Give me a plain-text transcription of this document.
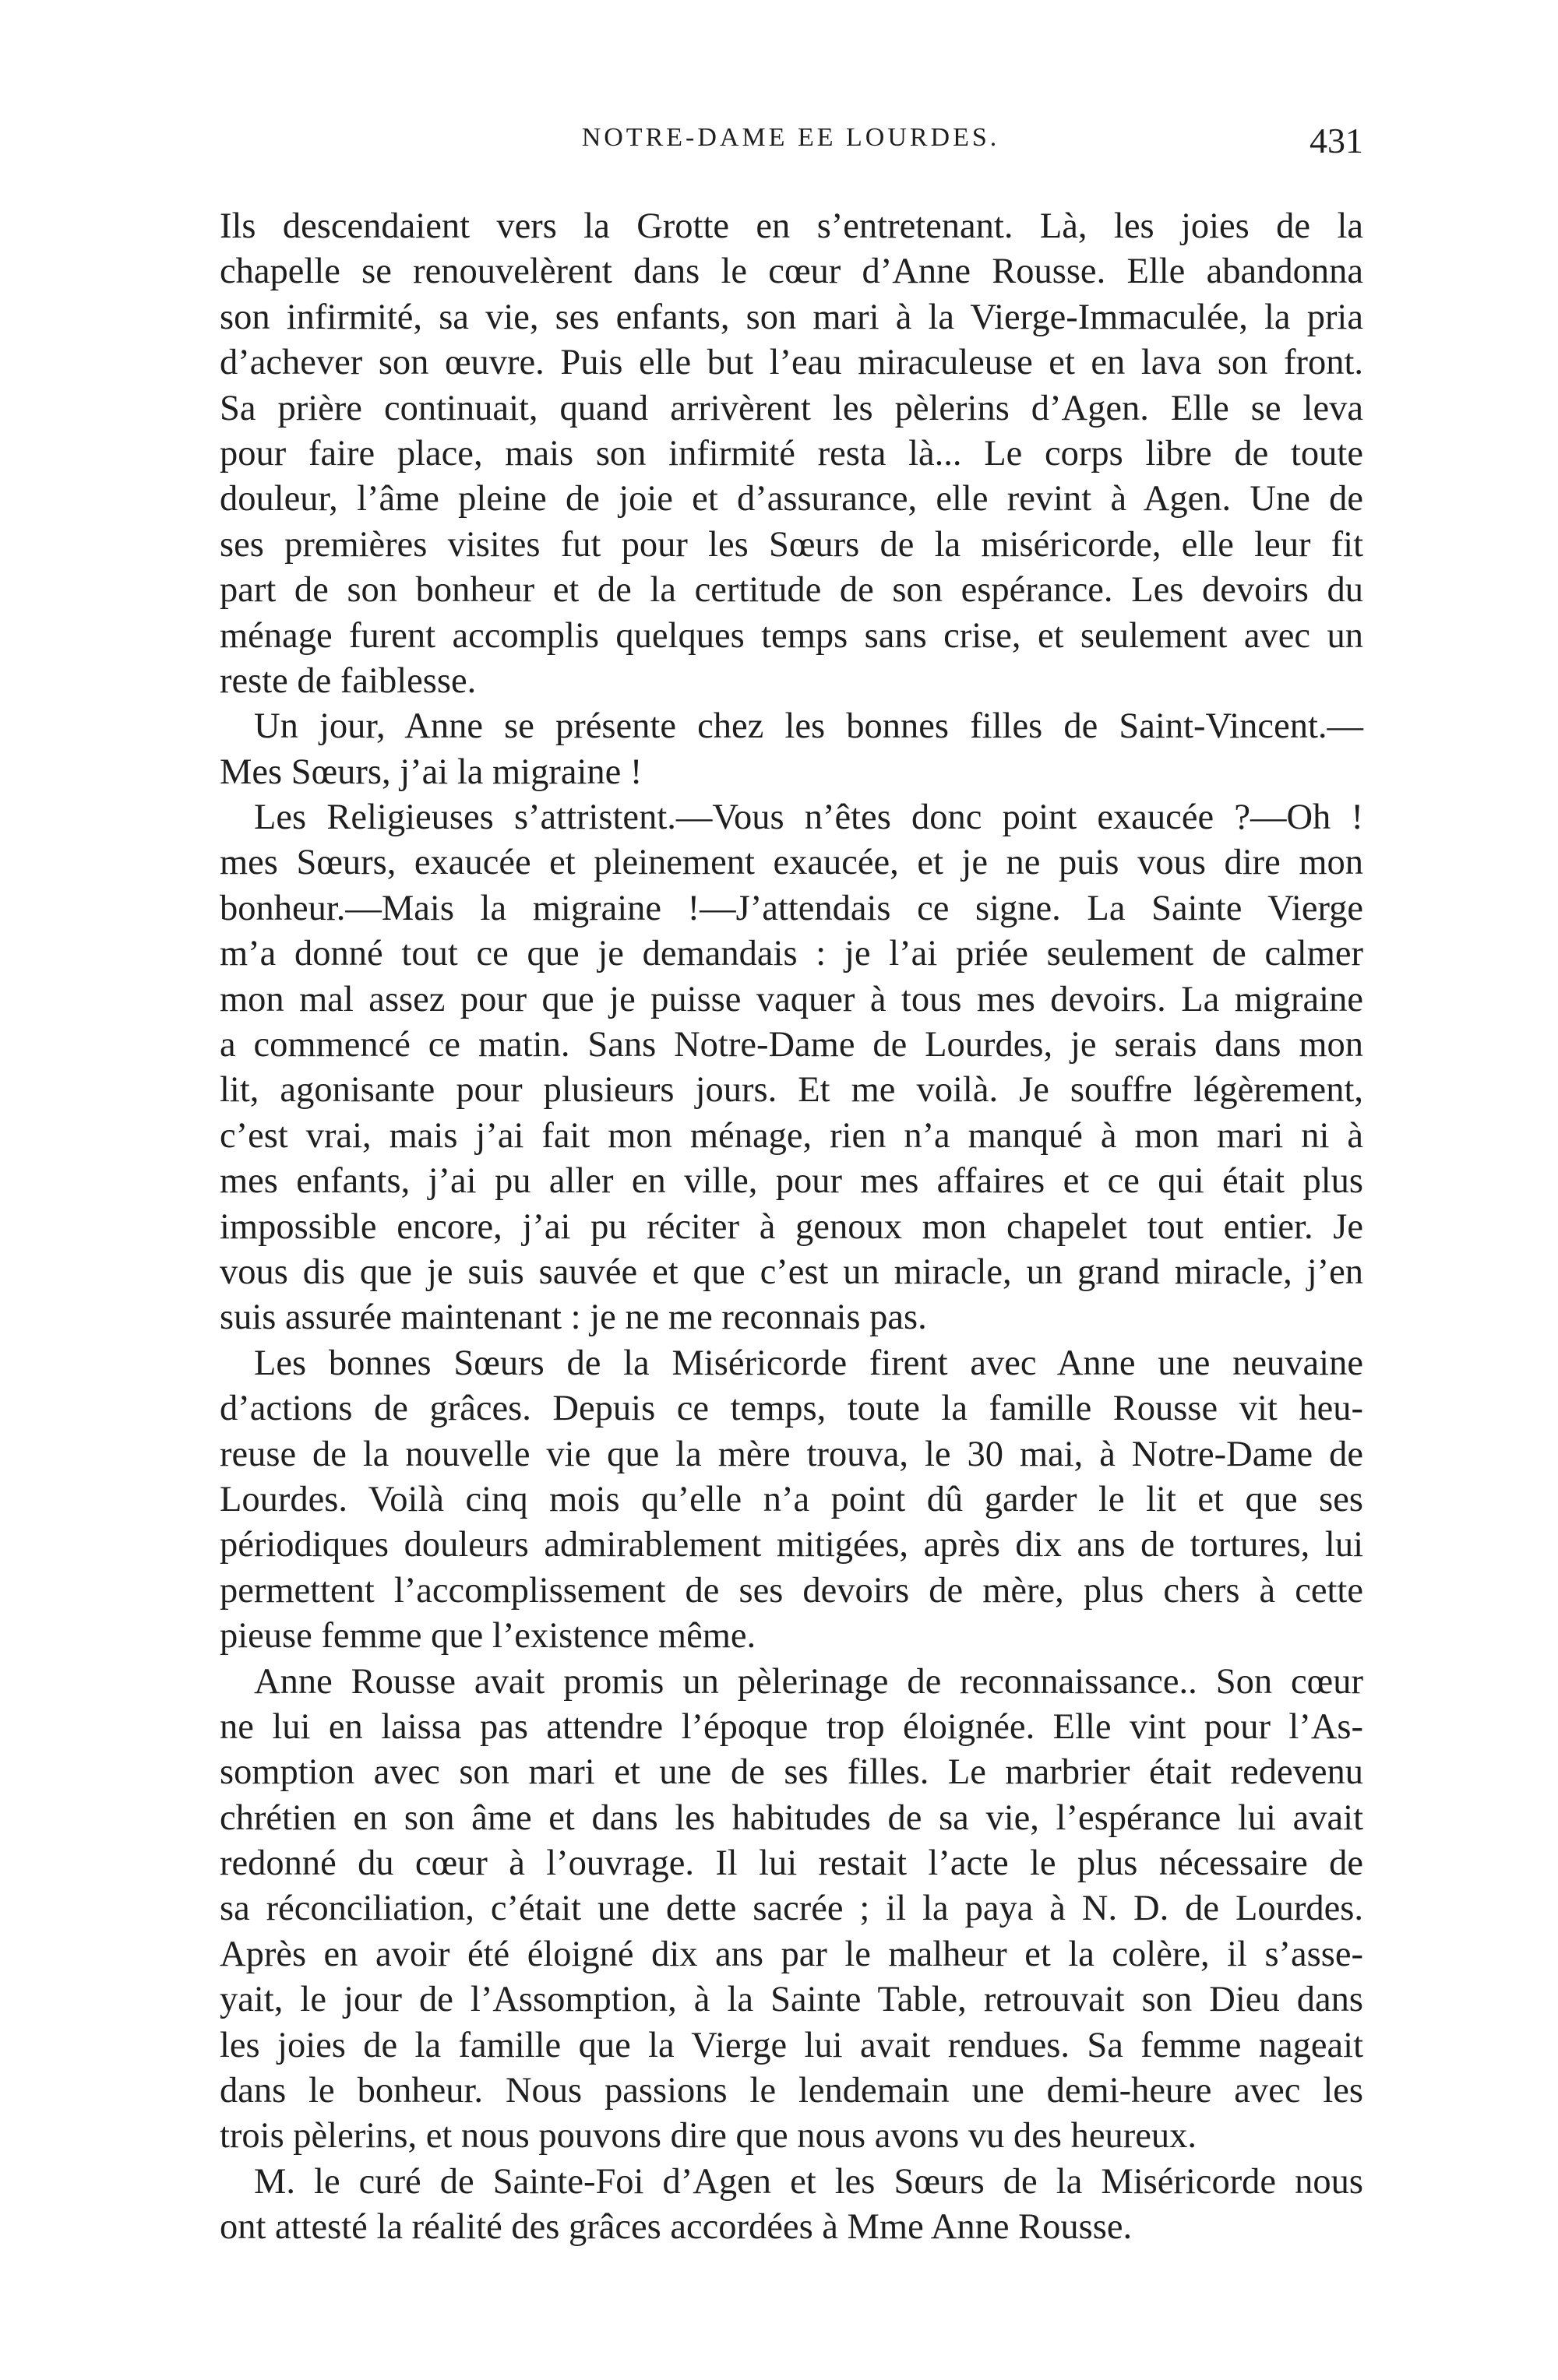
NOTRE-DAME EE LOURDES.	431
Ils descendaient vers la Grotte en s’entretenant. Là, les joies de la
chapelle se renouvelèrent dans le cœur d’Anne Rousse. Elle abandonna
son infirmité, sa vie, ses enfants, son mari à la Vierge-Immaculée, la pria
d’achever son œuvre. Puis elle but l’eau miraculeuse et en lava son front.
Sa prière continuait, quand arrivèrent les pèlerins d’Agen. Elle se leva
pour faire place, mais son infirmité resta là... Le corps libre de toute
douleur, l’âme pleine de joie et d’assurance, elle revint à Agen. Une de
ses premières visites fut pour les Sœurs de la miséricorde, elle leur fit
part de son bonheur et de la certitude de son espérance. Les devoirs du
ménage furent accomplis quelques temps sans crise, et seulement avec un
reste de faiblesse.
Un jour, Anne se présente chez les bonnes filles de Saint-Vincent.—
Mes Sœurs, j’ai la migraine !
Les Religieuses s’attristent.—Vous n’êtes donc point exaucée ?—Oh !
mes Sœurs, exaucée et pleinement exaucée, et je ne puis vous dire mon
bonheur.—Mais la migraine !—J’attendais ce signe. La Sainte Vierge
m’a donné tout ce que je demandais : je l’ai priée seulement de calmer
mon mal assez pour que je puisse vaquer à tous mes devoirs. La migraine
a commencé ce matin. Sans Notre-Dame de Lourdes, je serais dans mon
lit, agonisante pour plusieurs jours. Et me voilà. Je souffre légèrement,
c’est vrai, mais j’ai fait mon ménage, rien n’a manqué à mon mari ni à
mes enfants, j’ai pu aller en ville, pour mes affaires et ce qui était plus
impossible encore, j’ai pu réciter à genoux mon chapelet tout entier. Je
vous dis que je suis sauvée et que c’est un miracle, un grand miracle, j’en
suis assurée maintenant : je ne me reconnais pas.
Les bonnes Sœurs de la Miséricorde firent avec Anne une neuvaine
d’actions de grâces. Depuis ce temps, toute la famille Rousse vit heu-
reuse de la nouvelle vie que la mère trouva, le 30 mai, à Notre-Dame de
Lourdes. Voilà cinq mois qu’elle n’a point dû garder le lit et que ses
périodiques douleurs admirablement mitigées, après dix ans de tortures, lui
permettent l’accomplissement de ses devoirs de mère, plus chers à cette
pieuse femme que l’existence même.
Anne Rousse avait promis un pèlerinage de reconnaissance.. Son cœur
ne lui en laissa pas attendre l’époque trop éloignée. Elle vint pour l’As-
somption avec son mari et une de ses filles. Le marbrier était redevenu
chrétien en son âme et dans les habitudes de sa vie, l’espérance lui avait
redonné du cœur à l’ouvrage. Il lui restait l’acte le plus nécessaire de
sa réconciliation, c’était une dette sacrée ; il la paya à N. D. de Lourdes.
Après en avoir été éloigné dix ans par le malheur et la colère, il s’asse-
yait, le jour de l’Assomption, à la Sainte Table, retrouvait son Dieu dans
les joies de la famille que la Vierge lui avait rendues. Sa femme nageait
dans le bonheur. Nous passions le lendemain une demi-heure avec les
trois pèlerins, et nous pouvons dire que nous avons vu des heureux.
M. le curé de Sainte-Foi d’Agen et les Sœurs de la Miséricorde nous
ont attesté la réalité des grâces accordées à Mme Anne Rousse.
